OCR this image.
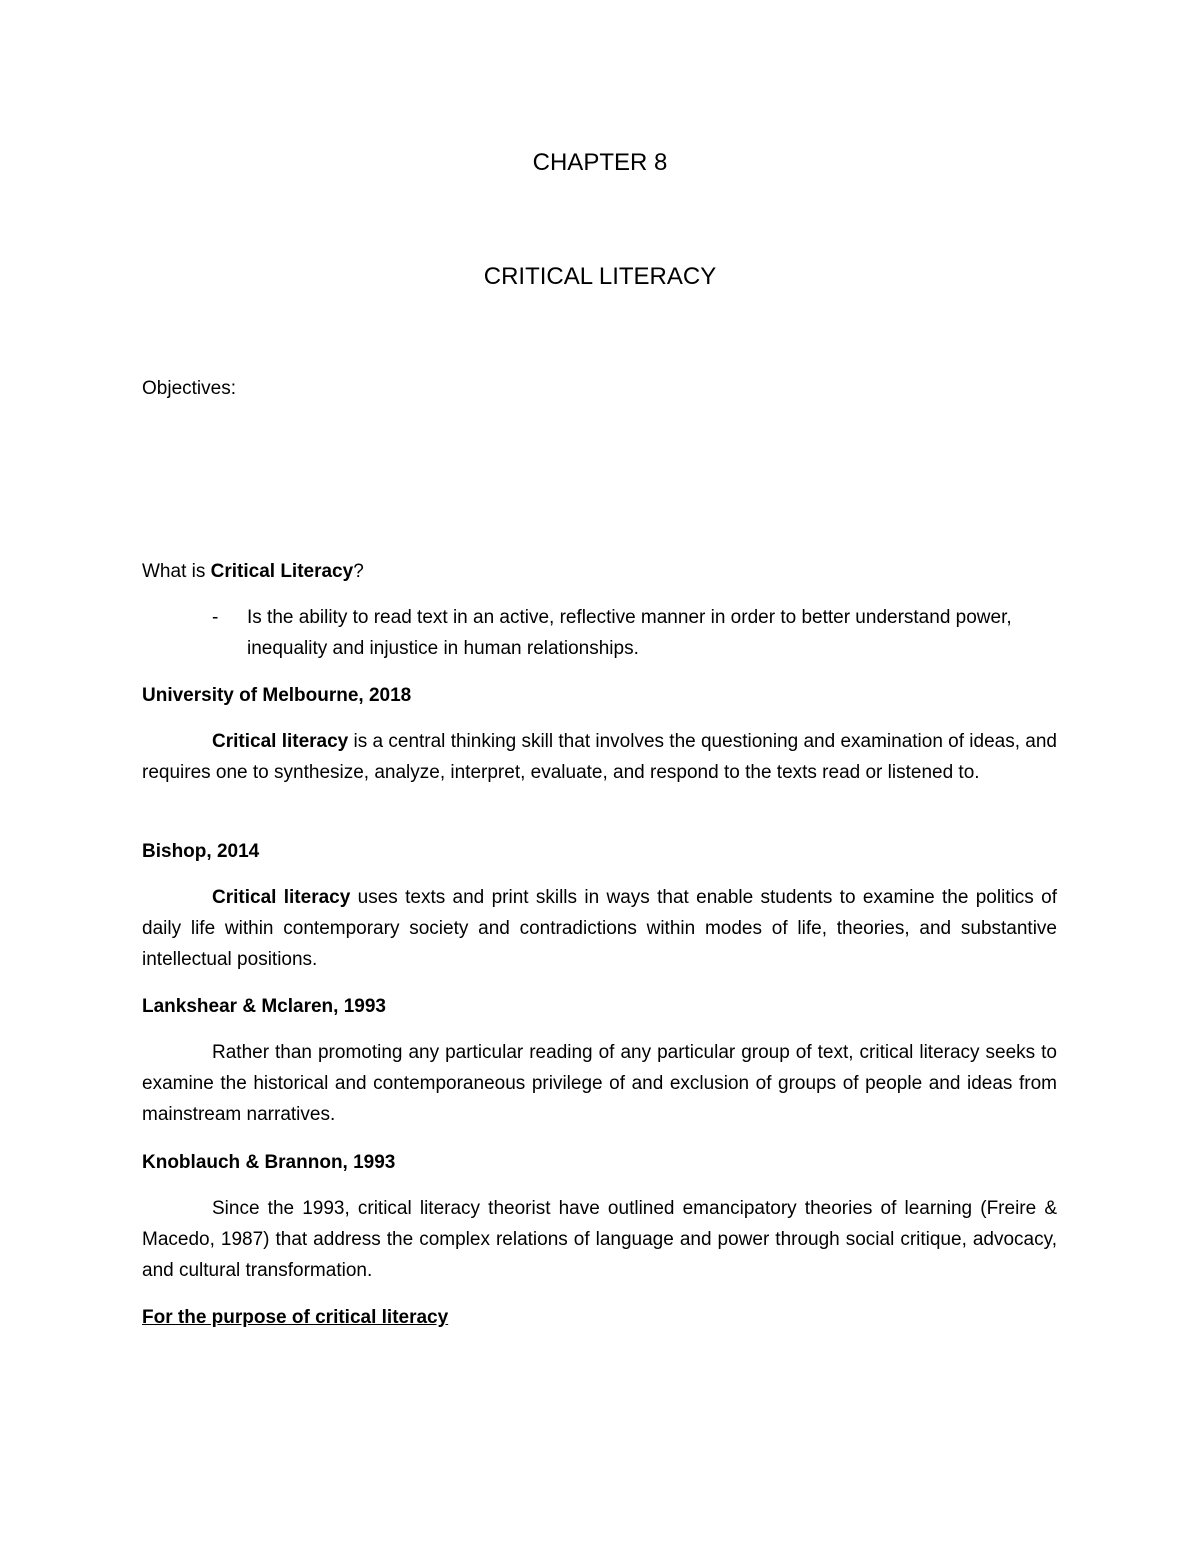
CHAPTER 8
CRITICAL LITERACY
Objectives:
What is Critical Literacy?
- Is the ability to read text in an active, reflective manner in order to better understand power, inequality and injustice in human relationships.
University of Melbourne, 2018
Critical literacy is a central thinking skill that involves the questioning and examination of ideas, and requires one to synthesize, analyze, interpret, evaluate, and respond to the texts read or listened to.
Bishop, 2014
Critical literacy uses texts and print skills in ways that enable students to examine the politics of daily life within contemporary society and contradictions within modes of life, theories, and substantive intellectual positions.
Lankshear & Mclaren, 1993
Rather than promoting any particular reading of any particular group of text, critical literacy seeks to examine the historical and contemporaneous privilege of and exclusion of groups of people and ideas from mainstream narratives.
Knoblauch & Brannon, 1993
Since the 1993, critical literacy theorist have outlined emancipatory theories of learning (Freire & Macedo, 1987) that address the complex relations of language and power through social critique, advocacy, and cultural transformation.
For the purpose of critical literacy
